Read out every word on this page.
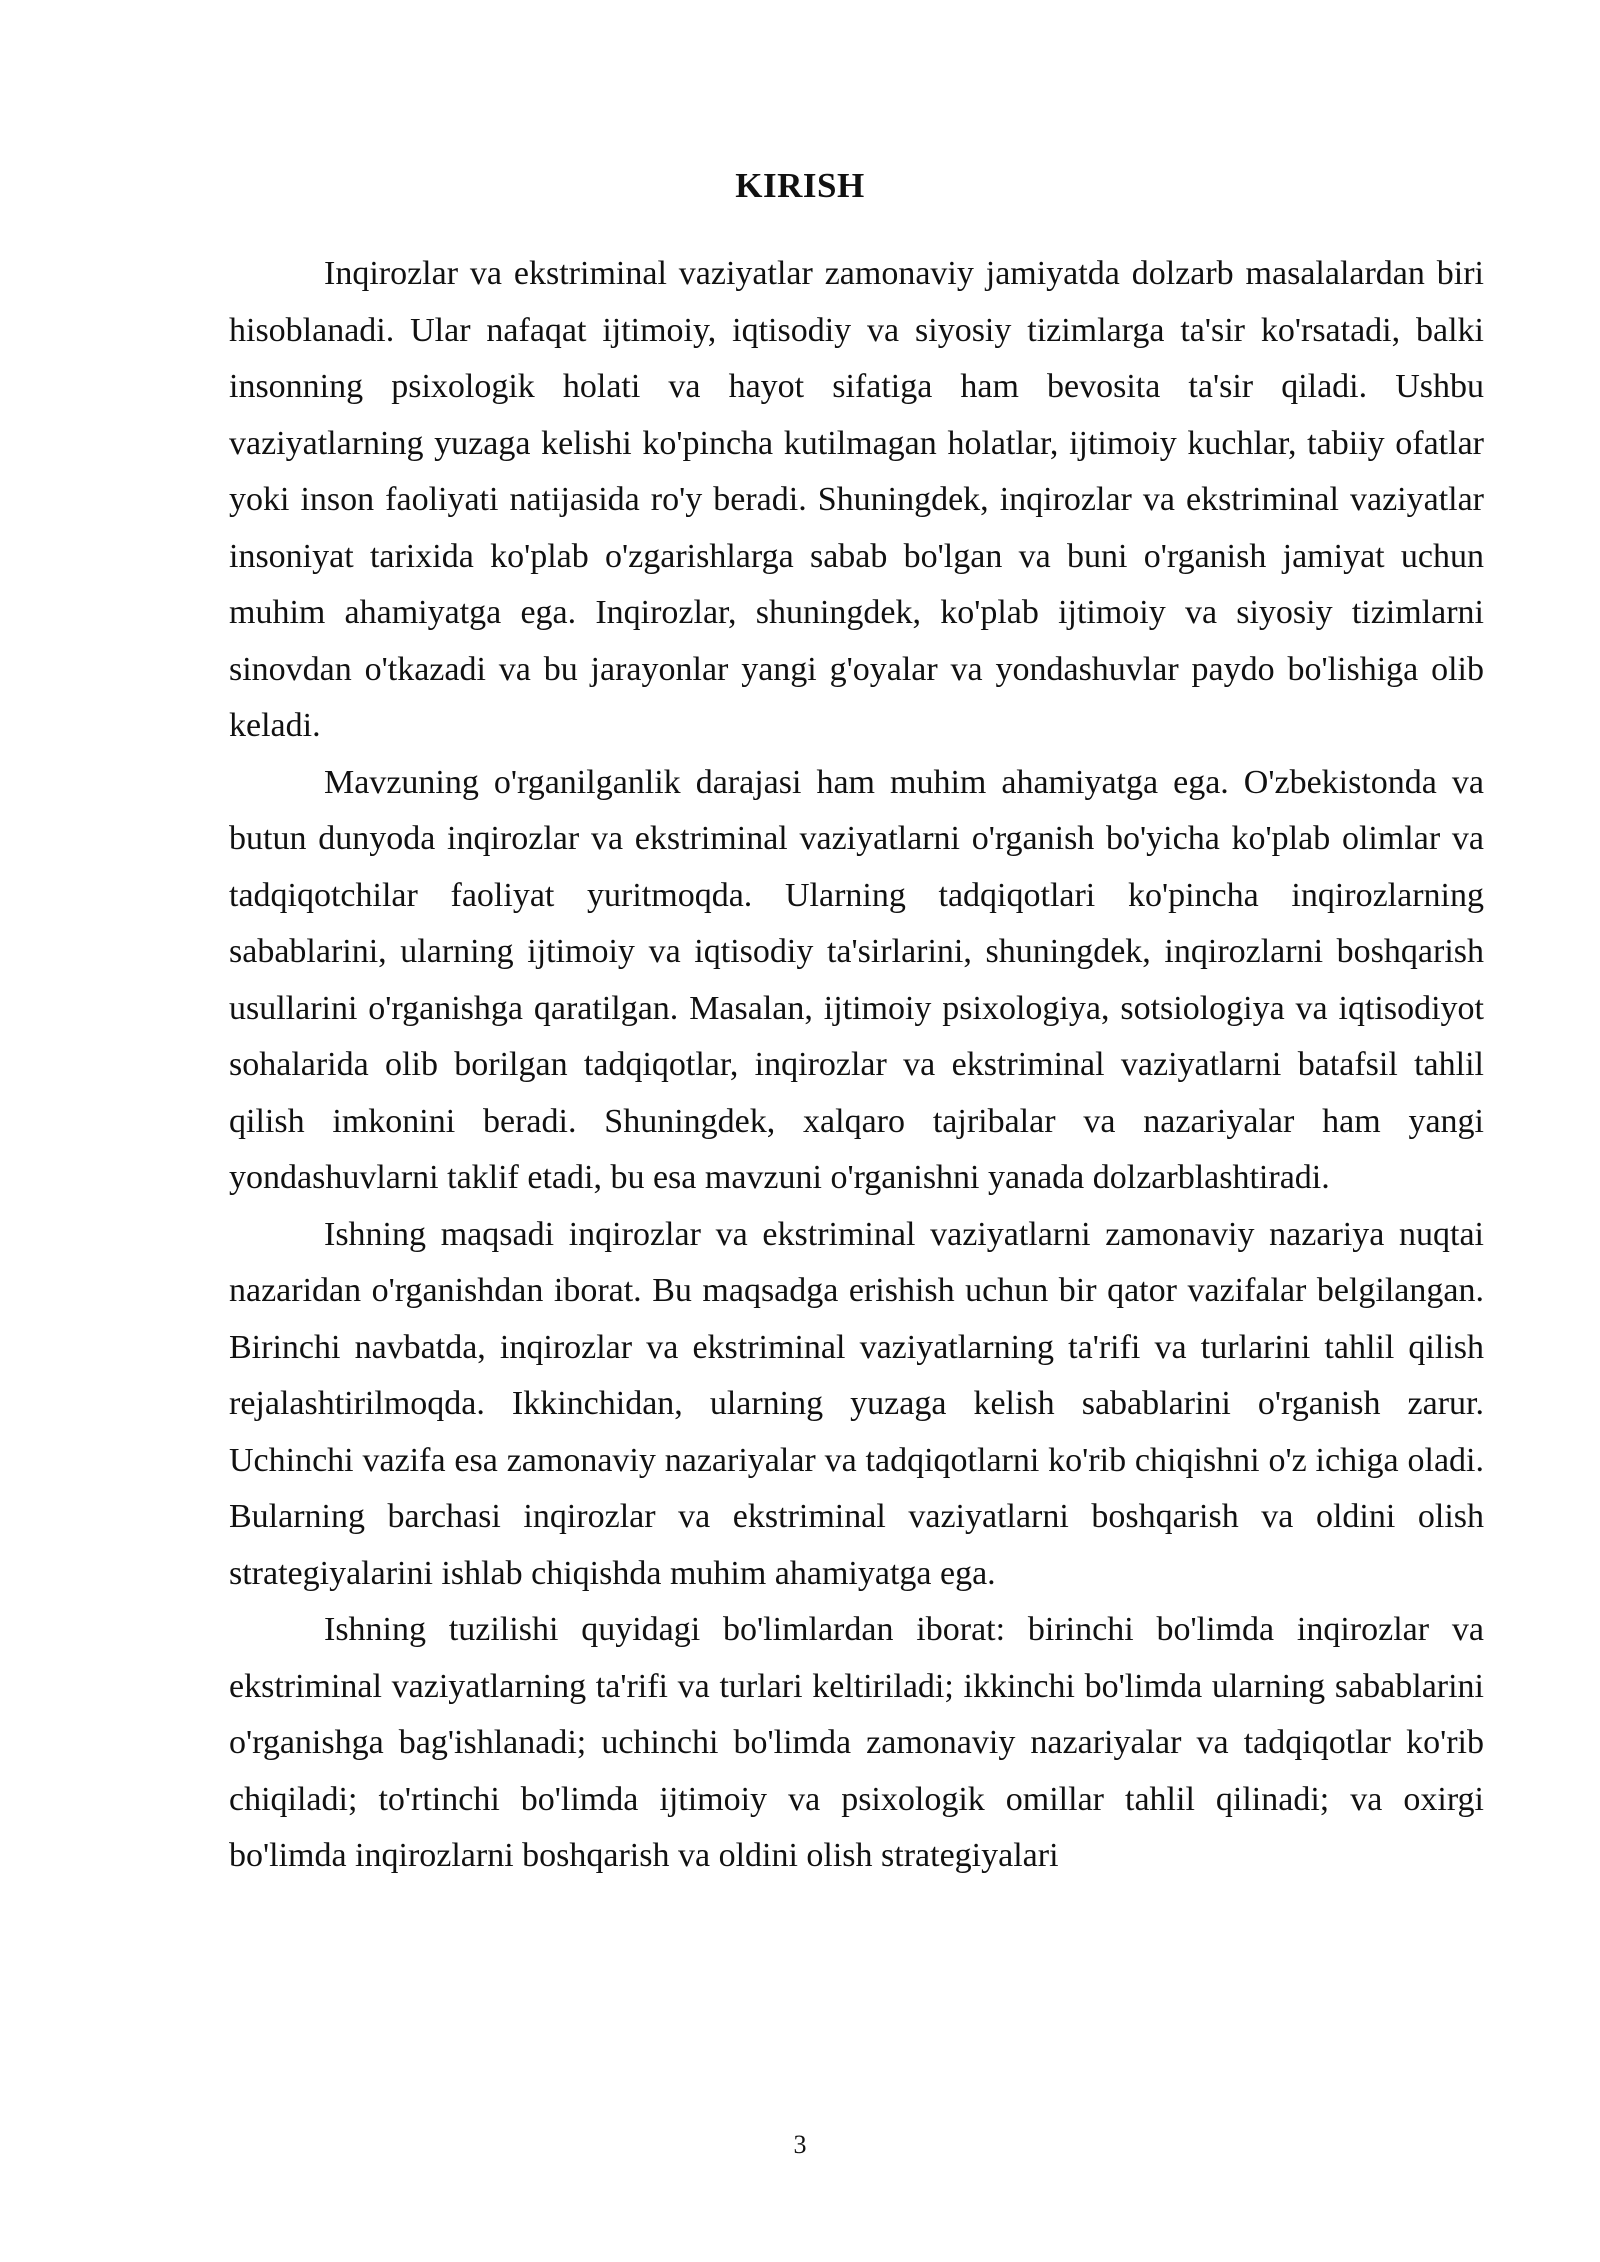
KIRISH

Inqirozlar va ekstriminal vaziyatlar zamonaviy jamiyatda dolzarb masalalardan biri hisoblanadi. Ular nafaqat ijtimoiy, iqtisodiy va siyosiy tizimlarga ta'sir ko'rsatadi, balki insonning psixologik holati va hayot sifatiga ham bevosita ta'sir qiladi. Ushbu vaziyatlarning yuzaga kelishi ko'pincha kutilmagan holatlar, ijtimoiy kuchlar, tabiiy ofatlar yoki inson faoliyati natijasida ro'y beradi. Shuningdek, inqirozlar va ekstriminal vaziyatlar insoniyat tarixida ko'plab o'zgarishlarga sabab bo'lgan va buni o'rganish jamiyat uchun muhim ahamiyatga ega. Inqirozlar, shuningdek, ko'plab ijtimoiy va siyosiy tizimlarni sinovdan o'tkazadi va bu jarayonlar yangi g'oyalar va yondashuvlar paydo bo'lishiga olib keladi.

Mavzuning o'rganilganlik darajasi ham muhim ahamiyatga ega. O'zbekistonda va butun dunyoda inqirozlar va ekstriminal vaziyatlarni o'rganish bo'yicha ko'plab olimlar va tadqiqotchilar faoliyat yuritmoqda. Ularning tadqiqotlari ko'pincha inqirozlarning sabablarini, ularning ijtimoiy va iqtisodiy ta'sirlarini, shuningdek, inqirozlarni boshqarish usullarini o'rganishga qaratilgan. Masalan, ijtimoiy psixologiya, sotsiologiya va iqtisodiyot sohalarida olib borilgan tadqiqotlar, inqirozlar va ekstriminal vaziyatlarni batafsil tahlil qilish imkonini beradi. Shuningdek, xalqaro tajribalar va nazariyalar ham yangi yondashuvlarni taklif etadi, bu esa mavzuni o'rganishni yanada dolzarblashtiradi.

Ishning maqsadi inqirozlar va ekstriminal vaziyatlarni zamonaviy nazariya nuqtai nazaridan o'rganishdan iborat. Bu maqsadga erishish uchun bir qator vazifalar belgilangan. Birinchi navbatda, inqirozlar va ekstriminal vaziyatlarning ta'rifi va turlarini tahlil qilish rejalashtirilmoqda. Ikkinchidan, ularning yuzaga kelish sabablarini o'rganish zarur. Uchinchi vazifa esa zamonaviy nazariyalar va tadqiqotlarni ko'rib chiqishni o'z ichiga oladi. Bularning barchasi inqirozlar va ekstriminal vaziyatlarni boshqarish va oldini olish strategiyalarini ishlab chiqishda muhim ahamiyatga ega.

Ishning tuzilishi quyidagi bo'limlardan iborat: birinchi bo'limda inqirozlar va ekstriminal vaziyatlarning ta'rifi va turlari keltiriladi; ikkinchi bo'limda ularning sabablarini o'rganishga bag'ishlanadi; uchinchi bo'limda zamonaviy nazariyalar va tadqiqotlar ko'rib chiqiladi; to'rtinchi bo'limda ijtimoiy va psixologik omillar tahlil qilinadi; va oxirgi bo'limda inqirozlarni boshqarish va oldini olish strategiyalari

3
